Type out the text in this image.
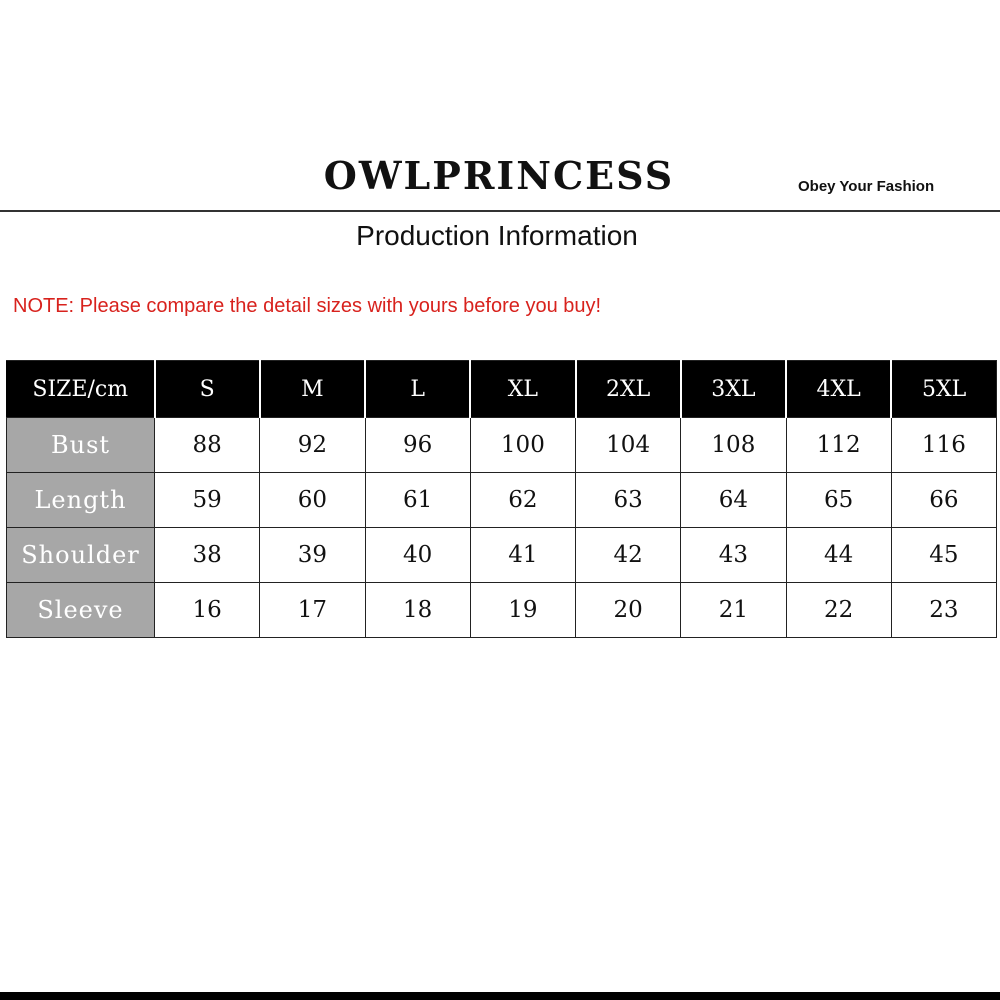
OWLPRINCESS	Obey Your Fashion
Production Information
NOTE: Please compare the detail sizes with yours before you buy!
SIZE/cm	S	M	L	XL	2XL	3XL	4XL	5XL
Bust	88	92	96	100	104	108	112	116
Length	59	60	61	62	63	64	65	66
Shoulder	38	39	40	41	42	43	44	45
Sleeve	16	17	18	19	20	21	22	23
